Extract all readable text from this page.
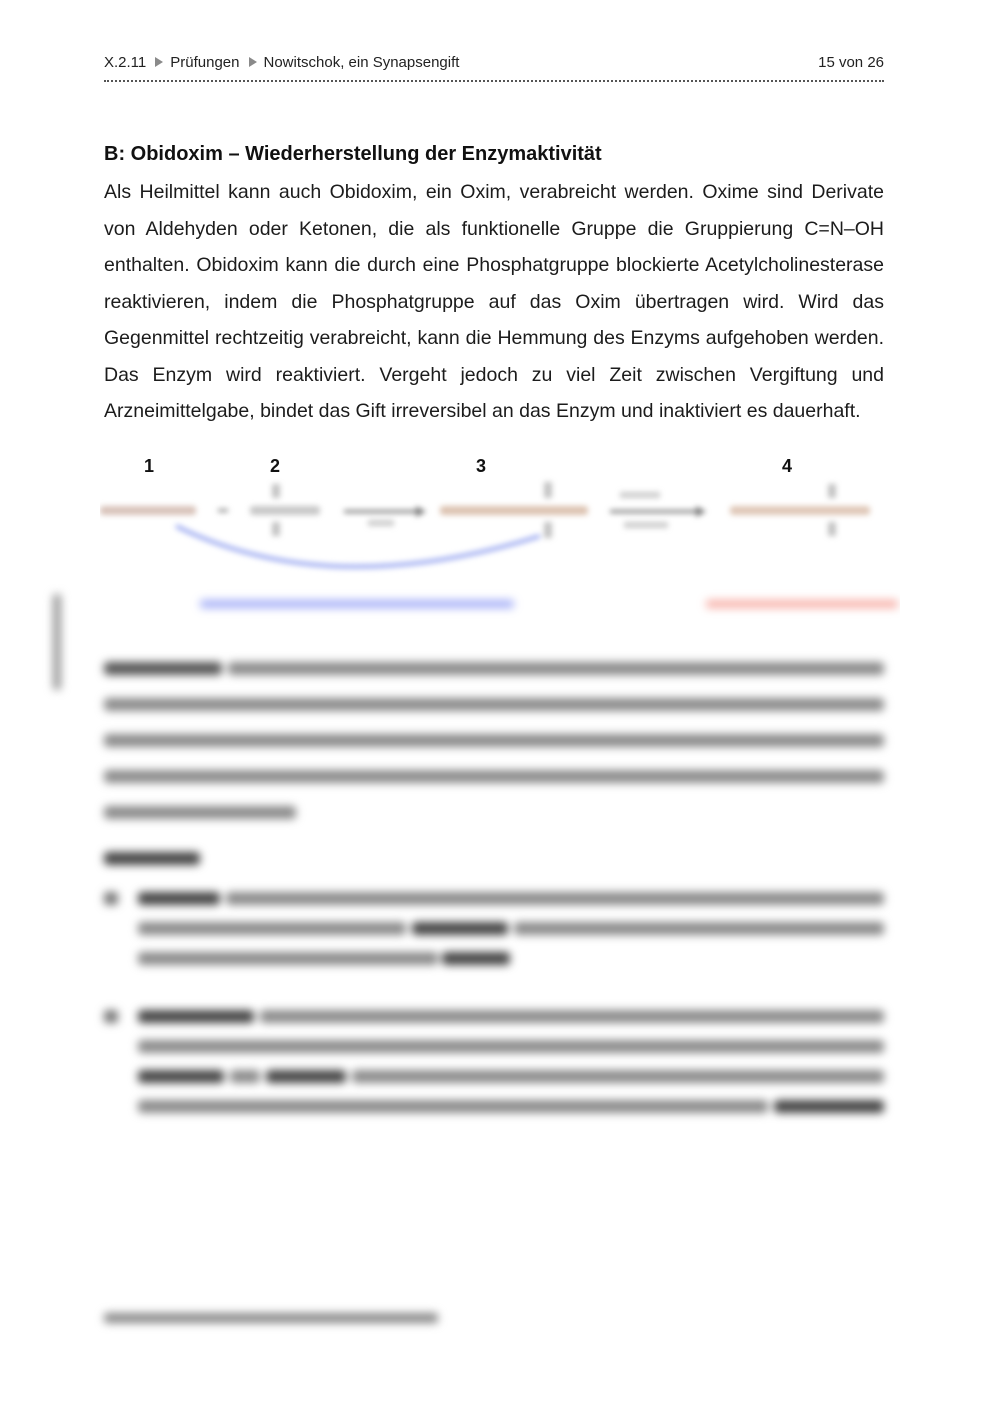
X.2.11 Prüfungen Nowitschok, ein Synapsengift	15 von 26
B: Obidoxim – Wiederherstellung der Enzymaktivität

Als Heilmittel kann auch Obidoxim, ein Oxim, verabreicht werden. Oxime sind Derivate von Aldehyden oder Ketonen, die als funktionelle Gruppe die Gruppierung C=N–OH enthalten. Obidoxim kann die durch eine Phosphatgruppe blockierte Acetylcholinesterase reaktivieren, indem die Phosphatgruppe auf das Oxim übertragen wird. Wird das Gegenmittel rechtzeitig verabreicht, kann die Hemmung des Enzyms aufgehoben werden. Das Enzym wird reaktiviert. Vergeht jedoch zu viel Zeit zwischen Vergiftung und Arzneimittelgabe, bindet das Gift irreversibel an das Enzym und inaktiviert es dauerhaft.

1	2	3	4
